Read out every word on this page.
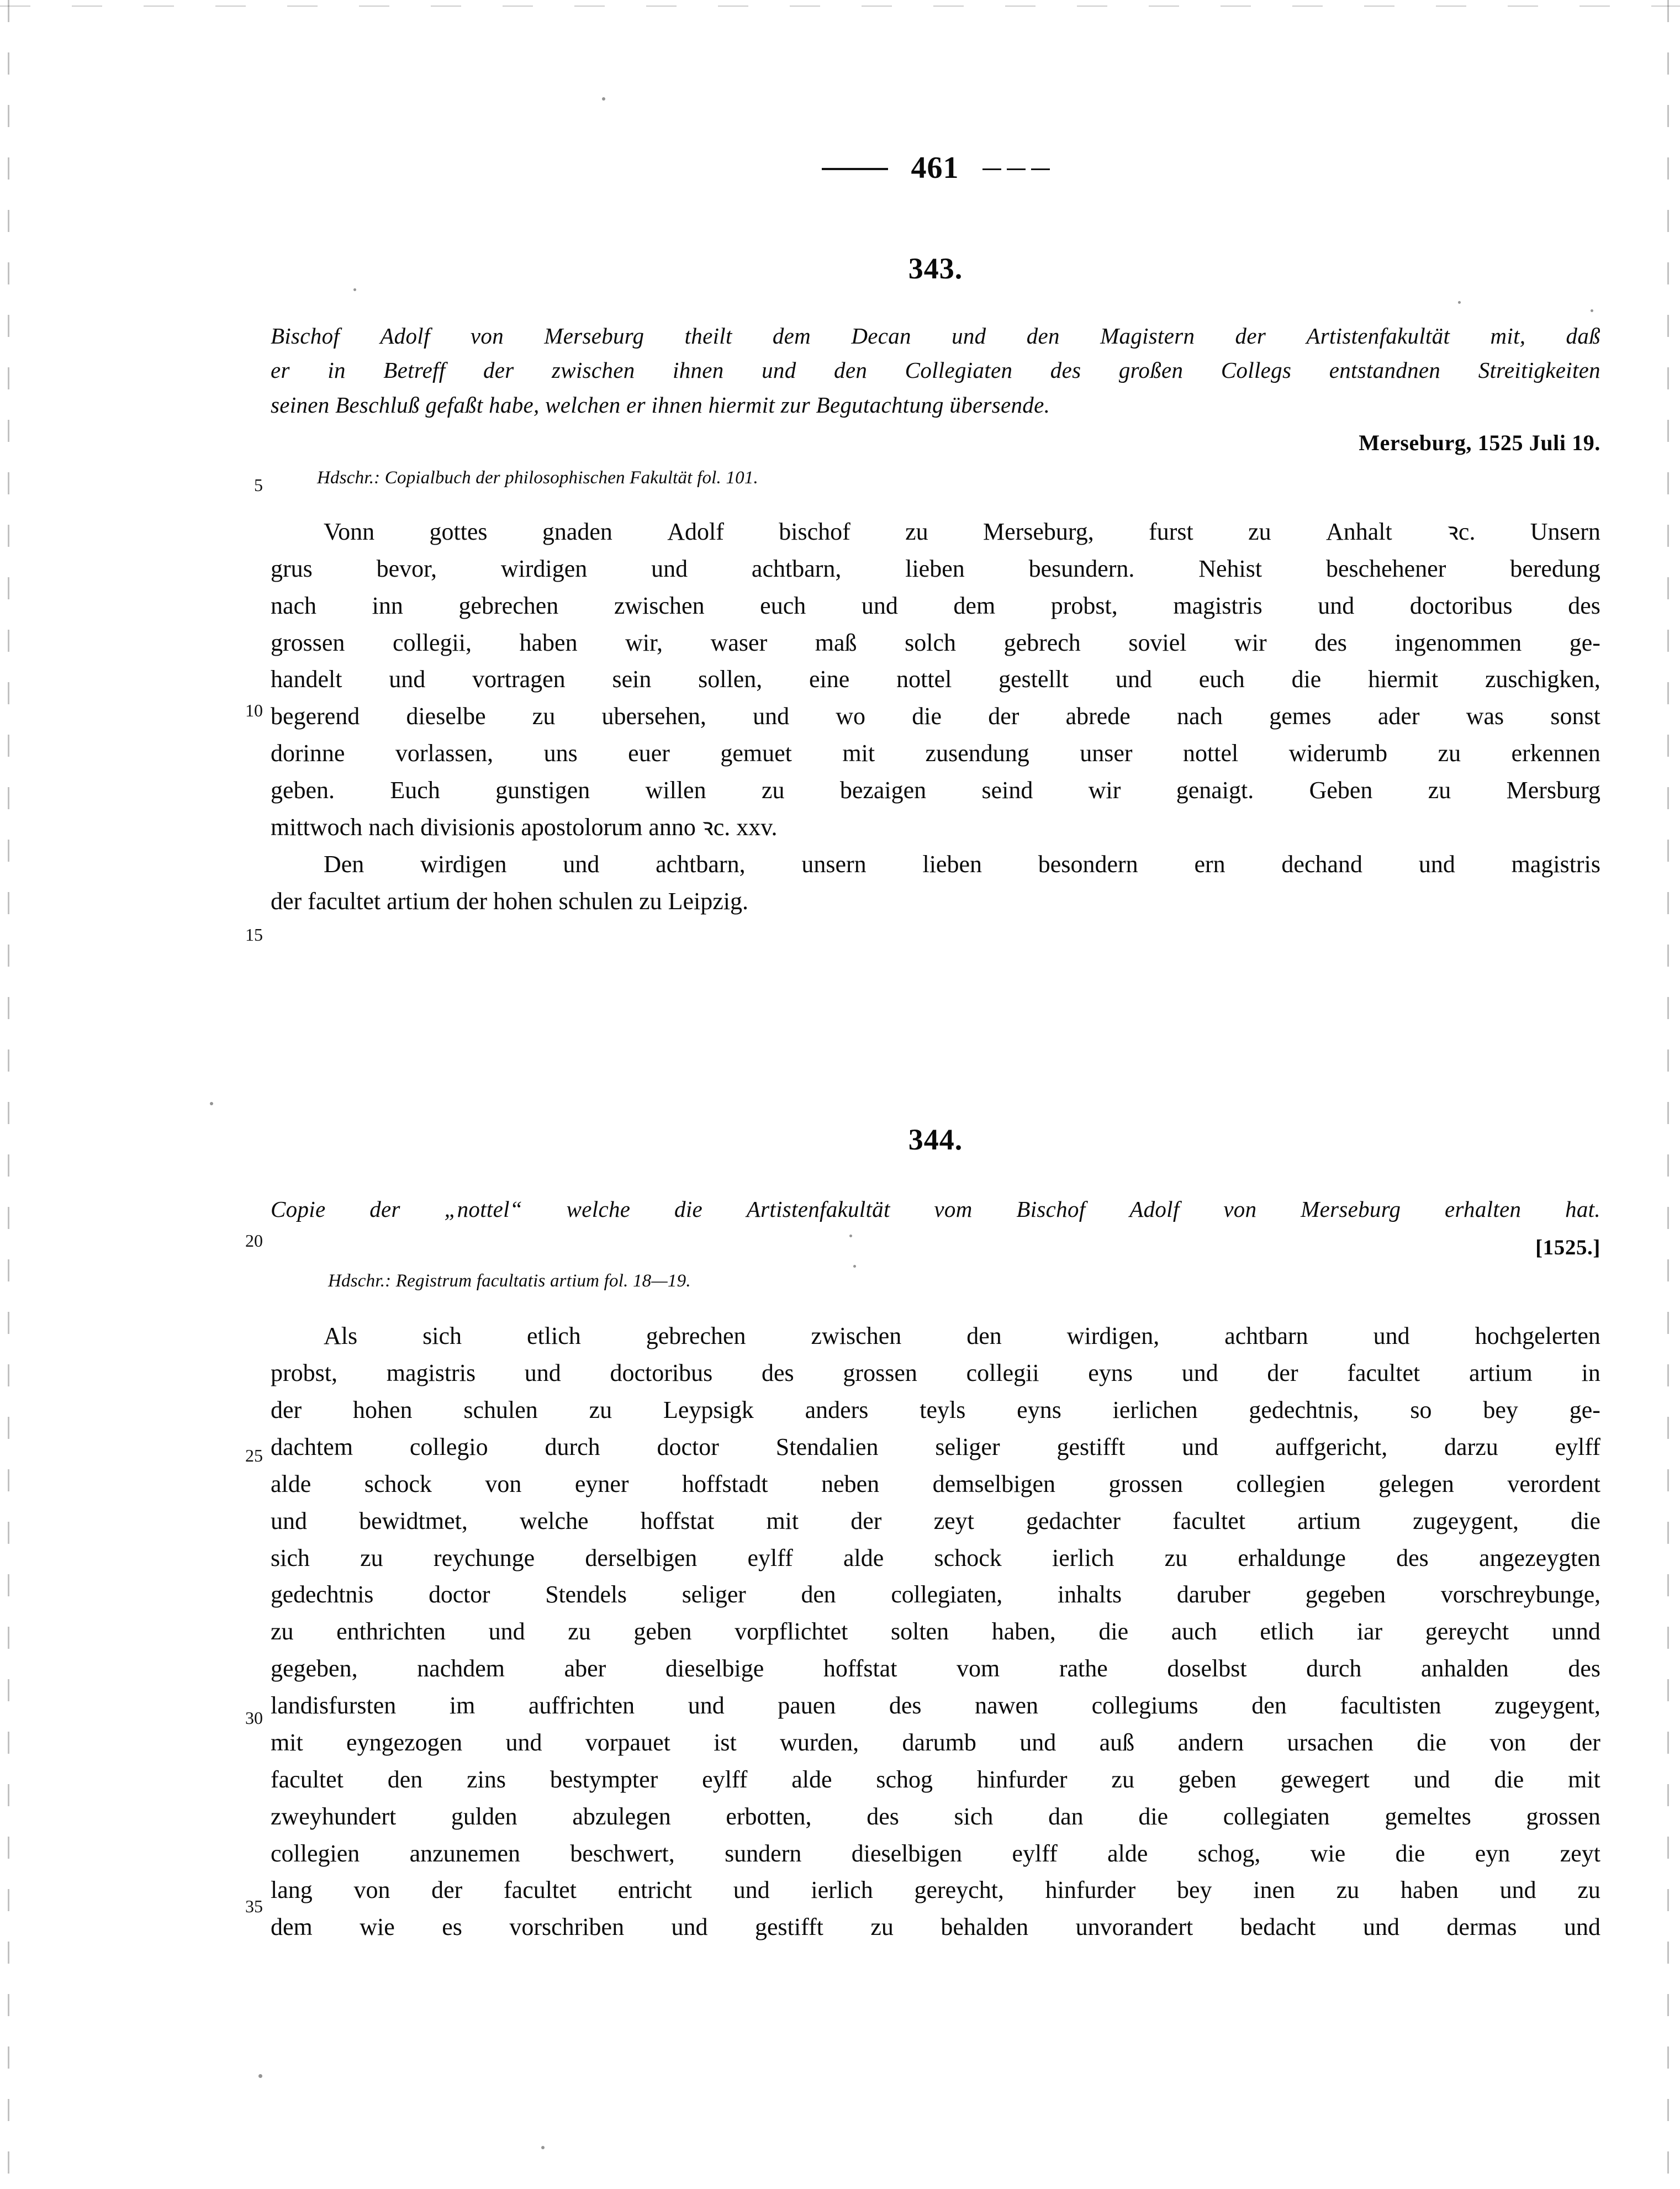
461
343.
Bischof Adolf von Merseburg theilt dem Decan und den Magistern der Artistenfakultät mit, daß
er in Betreff der zwischen ihnen und den Collegiaten des großen Collegs entstandnen Streitigkeiten
seinen Beschluß gefaßt habe, welchen er ihnen hiermit zur Begutachtung übersende.
Merseburg, 1525 Juli 19.
Hdschr.: Copialbuch der philosophischen Fakultät fol. 101.
Vonn gottes gnaden Adolf bischof zu Merseburg, furst zu Anhalt ꝛc. Unsern
grus	bevor,	wirdigen	und	achtbarn,	lieben	besundern.	Nehist	beschehener	beredung
nach inn gebrechen zwischen euch und dem probst, magistris und doctoribus des
grossen collegii, haben wir, waser maß solch gebrech soviel wir des ingenommen ge-
handelt und vortragen sein sollen, eine nottel gestellt und euch die hiermit zuschigken,
begerend dieselbe zu ubersehen, und wo die der abrede nach gemes ader was sonst
dorinne vorlassen, uns euer gemuet mit zusendung unser nottel widerumb zu erkennen
geben. Euch gunstigen willen zu bezaigen seind wir genaigt. Geben zu Mersburg
mittwoch nach divisionis apostolorum anno ꝛc. xxv.
Den wirdigen und achtbarn, unsern lieben besondern ern dechand und magistris
der facultet artium der hohen schulen zu Leipzig.
344.
Copie der „nottel“ welche die Artistenfakultät vom Bischof Adolf von Merseburg erhalten hat.
[1525.]
Hdschr.: Registrum facultatis artium fol. 18—19.
Als	sich	etlich	gebrechen	zwischen	den	wirdigen,	achtbarn	und	hochgelerten
probst, magistris und doctoribus des grossen collegii eyns und der facultet artium in
der hohen schulen zu Leypsigk anders teyls eyns ierlichen gedechtnis, so bey ge-
dachtem collegio durch doctor Stendalien seliger gestifft und auffgericht, darzu eylff
alde schock von eyner hoffstadt neben demselbigen grossen collegien gelegen verordent
und bewidtmet, welche hoffstat mit der zeyt gedachter facultet artium zugeygent, die
sich zu reychunge derselbigen eylff alde schock ierlich zu erhaldunge des angezeygten
gedechtnis doctor Stendels seliger den collegiaten, inhalts daruber gegeben vorschreybunge,
zu enthrichten und zu geben vorpflichtet solten haben, die auch etlich iar gereycht unnd
gegeben, nachdem aber dieselbige hoffstat vom rathe doselbst durch anhalden des
landisfursten im auffrichten und pauen des nawen collegiums den facultisten zugeygent,
mit eyngezogen und vorpauet ist wurden, darumb und auß andern ursachen die von der
facultet den zins bestympter eylff alde schog hinfurder zu geben gewegert und die mit
zweyhundert gulden abzulegen erbotten, des sich dan die collegiaten gemeltes grossen
collegien anzunemen beschwert, sundern dieselbigen eylff alde schog, wie die eyn zeyt
lang von der facultet entricht und ierlich gereycht, hinfurder bey inen zu haben und zu
dem wie es vorschriben und gestifft zu behalden unvorandert bedacht und dermas und
5
10
15
20
25
30
35
